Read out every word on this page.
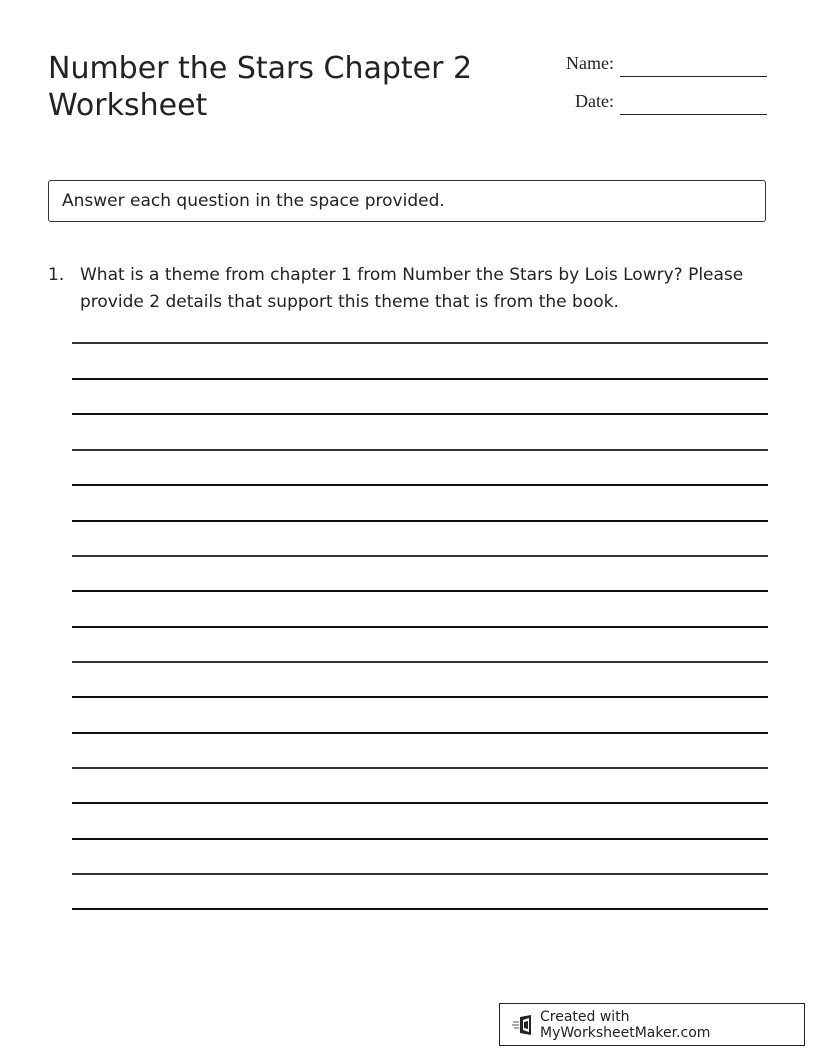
Number the Stars Chapter 2 Worksheet
Name:
Date:
Answer each question in the space provided.
1. What is a theme from chapter 1 from Number the Stars by Lois Lowry? Please provide 2 details that support this theme that is from the book.
Created with MyWorksheetMaker.com
